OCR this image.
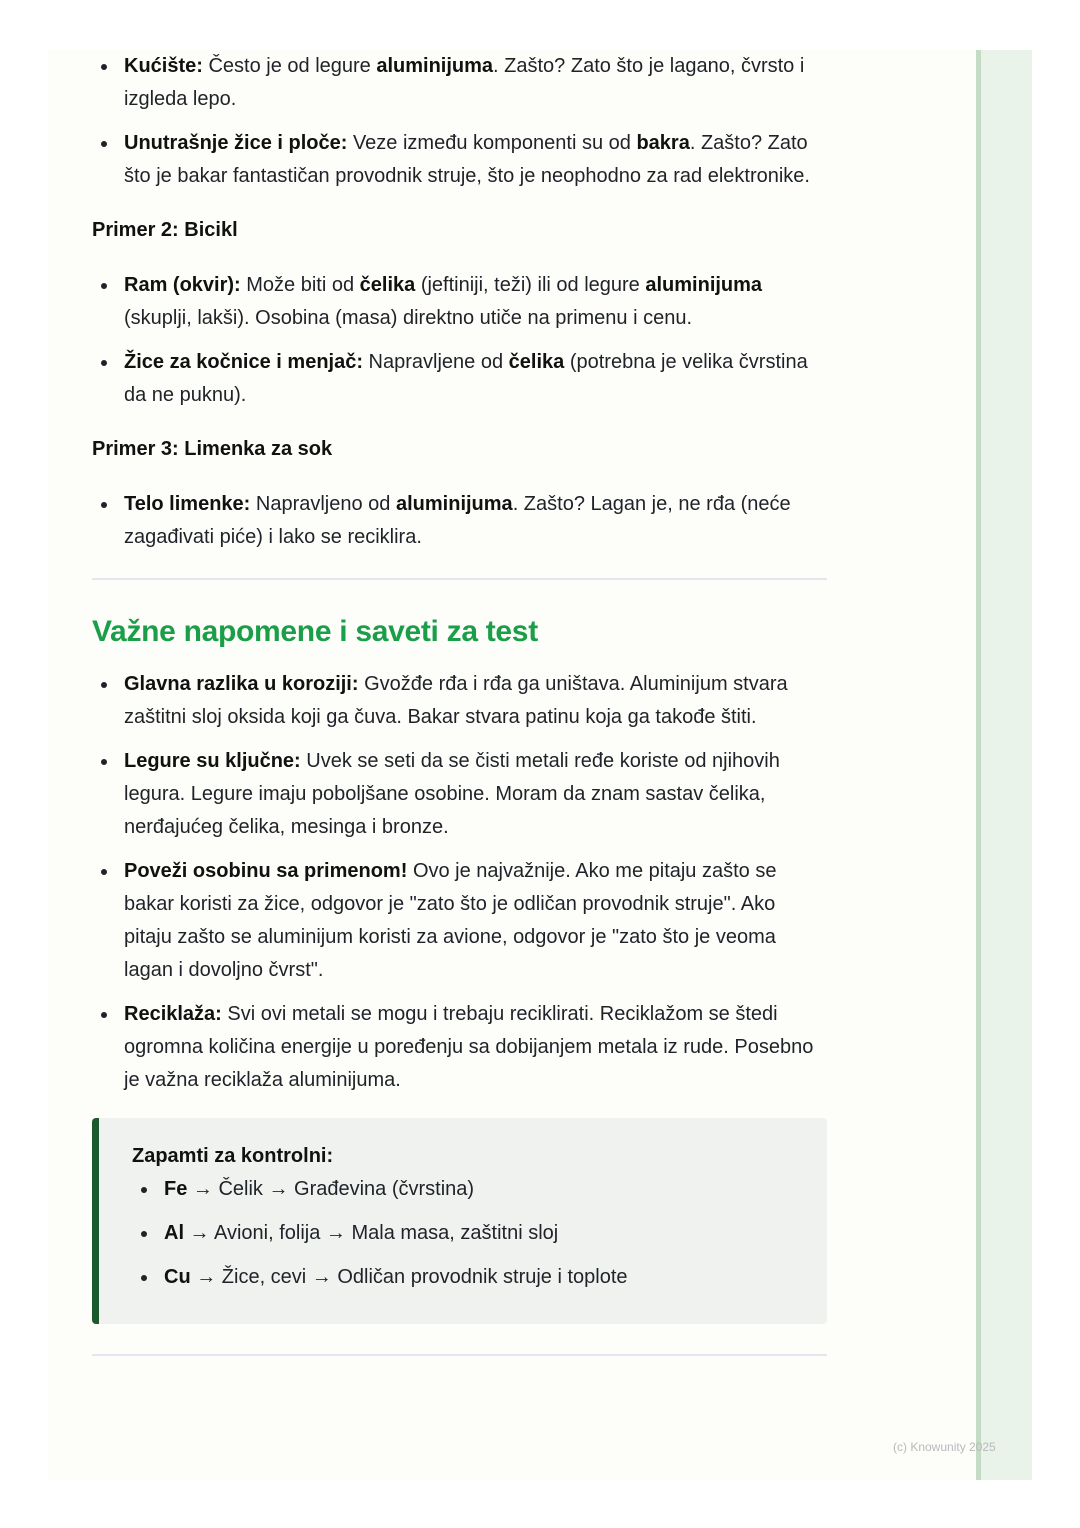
Kućište: Često je od legure aluminijuma. Zašto? Zato što je lagano, čvrsto i izgleda lepo.
Unutrašnje žice i ploče: Veze između komponenti su od bakra. Zašto? Zato što je bakar fantastičan provodnik struje, što je neophodno za rad elektronike.
Primer 2: Bicikl
Ram (okvir): Može biti od čelika (jeftiniji, teži) ili od legure aluminijuma (skuplji, lakši). Osobina (masa) direktno utiče na primenu i cenu.
Žice za kočnice i menjač: Napravljene od čelika (potrebna je velika čvrstina da ne puknu).
Primer 3: Limenka za sok
Telo limenke: Napravljeno od aluminijuma. Zašto? Lagan je, ne rđa (neće zagađivati piće) i lako se reciklira.
Važne napomene i saveti za test
Glavna razlika u koroziji: Gvožđe rđa i rđa ga uništava. Aluminijum stvara zaštitni sloj oksida koji ga čuva. Bakar stvara patinu koja ga takođe štiti.
Legure su ključne: Uvek se seti da se čisti metali ređe koriste od njihovih legura. Legure imaju poboljšane osobine. Moram da znam sastav čelika, nerđajućeg čelika, mesinga i bronze.
Poveži osobinu sa primenom! Ovo je najvažnije. Ako me pitaju zašto se bakar koristi za žice, odgovor je "zato što je odličan provodnik struje". Ako pitaju zašto se aluminijum koristi za avione, odgovor je "zato što je veoma lagan i dovoljno čvrst".
Reciklaža: Svi ovi metali se mogu i trebaju reciklirati. Reciklažom se štedi ogromna količina energije u poređenju sa dobijanjem metala iz rude. Posebno je važna reciklaža aluminijuma.
Zapamti za kontrolni:
Fe → Čelik → Građevina (čvrstina)
Al → Avioni, folija → Mala masa, zaštitni sloj
Cu → Žice, cevi → Odličan provodnik struje i toplote
(c) Knowunity 2025
